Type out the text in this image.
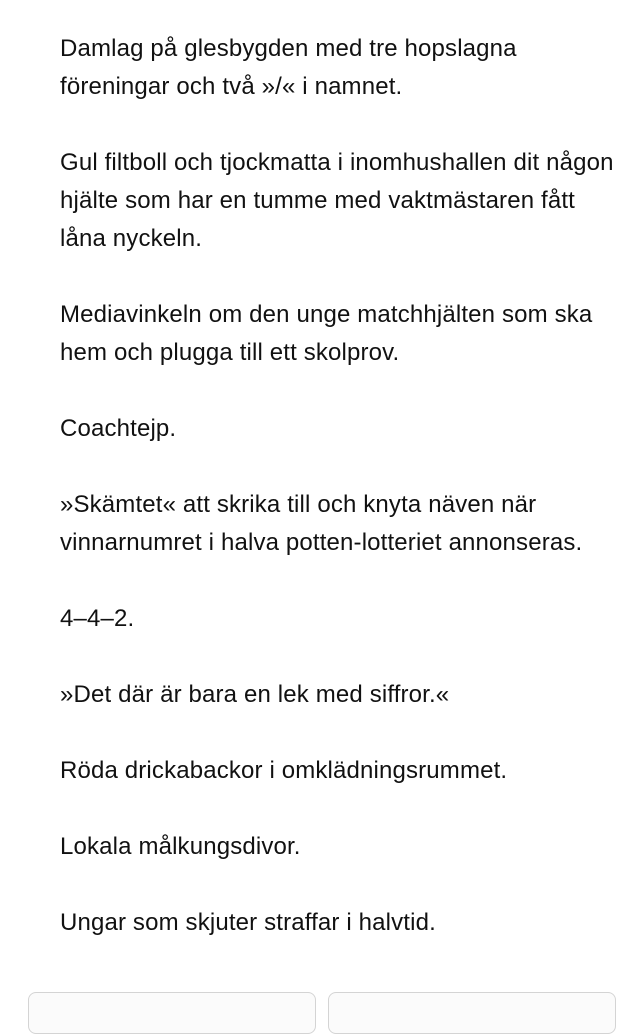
Damlag på glesbygden med tre hopslagna föreningar och två »/« i namnet.

Gul filtboll och tjockmatta i inomhushallen dit någon hjälte som har en tumme med vaktmästaren fått låna nyckeln.

Mediavinkeln om den unge matchhjälten som ska hem och plugga till ett skolprov.

Coachtejp.

»Skämtet« att skrika till och knyta näven när vinnarnumret i halva potten-lotteriet annonseras.

4–4–2.

»Det där är bara en lek med siffror.«

Röda drickabackor i omklädningsrummet.

Lokala målkungsdivor.

Ungar som skjuter straffar i halvtid.
